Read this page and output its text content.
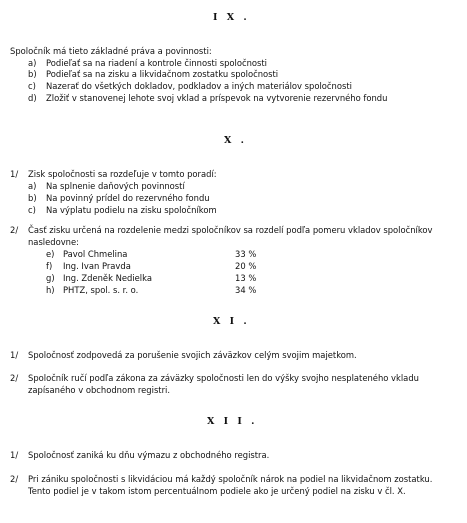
I X .
Spoločník má tieto základné práva a povinnosti:
a) Podieľať sa na riadení a kontrole činnosti spoločnosti
b) Podieľať sa na zisku a likvidačnom zostatku spoločnosti
c) Nazerať do všetkých dokladov, podkladov a iných materiálov spoločnosti
d) Zložiť v stanovenej lehote svoj vklad a príspevok na vytvorenie rezervného fondu
X .
1/ Zisk spoločnosti sa rozdeľuje v tomto poradí:
a) Na splnenie daňových povinností
b) Na povinný prídel do rezervného fondu
c) Na výplatu podielu na zisku spoločníkom
2/ Časť zisku určená na rozdelenie medzi spoločníkov sa rozdelí podľa pomeru vkladov spoločníkov
nasledovne:
e) Pavol Chmelina	33 %
f) Ing. Ivan Pravda	20 %
g) Ing. Zdeněk Nedielka	13 %
h) PHTZ, spol. s. r. o.	34 %
X I .
1/ Spoločnosť zodpovedá za porušenie svojich záväzkov celým svojim majetkom.
2/ Spoločník ručí podľa zákona za záväzky spoločnosti len do výšky svojho nesplateného vkladu
zapísaného v obchodnom registri.
X I I .
1/ Spoločnosť zaniká ku dňu výmazu z obchodného registra.
2/ Pri zániku spoločnosti s likvidáciou má každý spoločník nárok na podiel na likvidačnom zostatku.
Tento podiel je v takom istom percentuálnom podiele ako je určený podiel na zisku v čl. X.
